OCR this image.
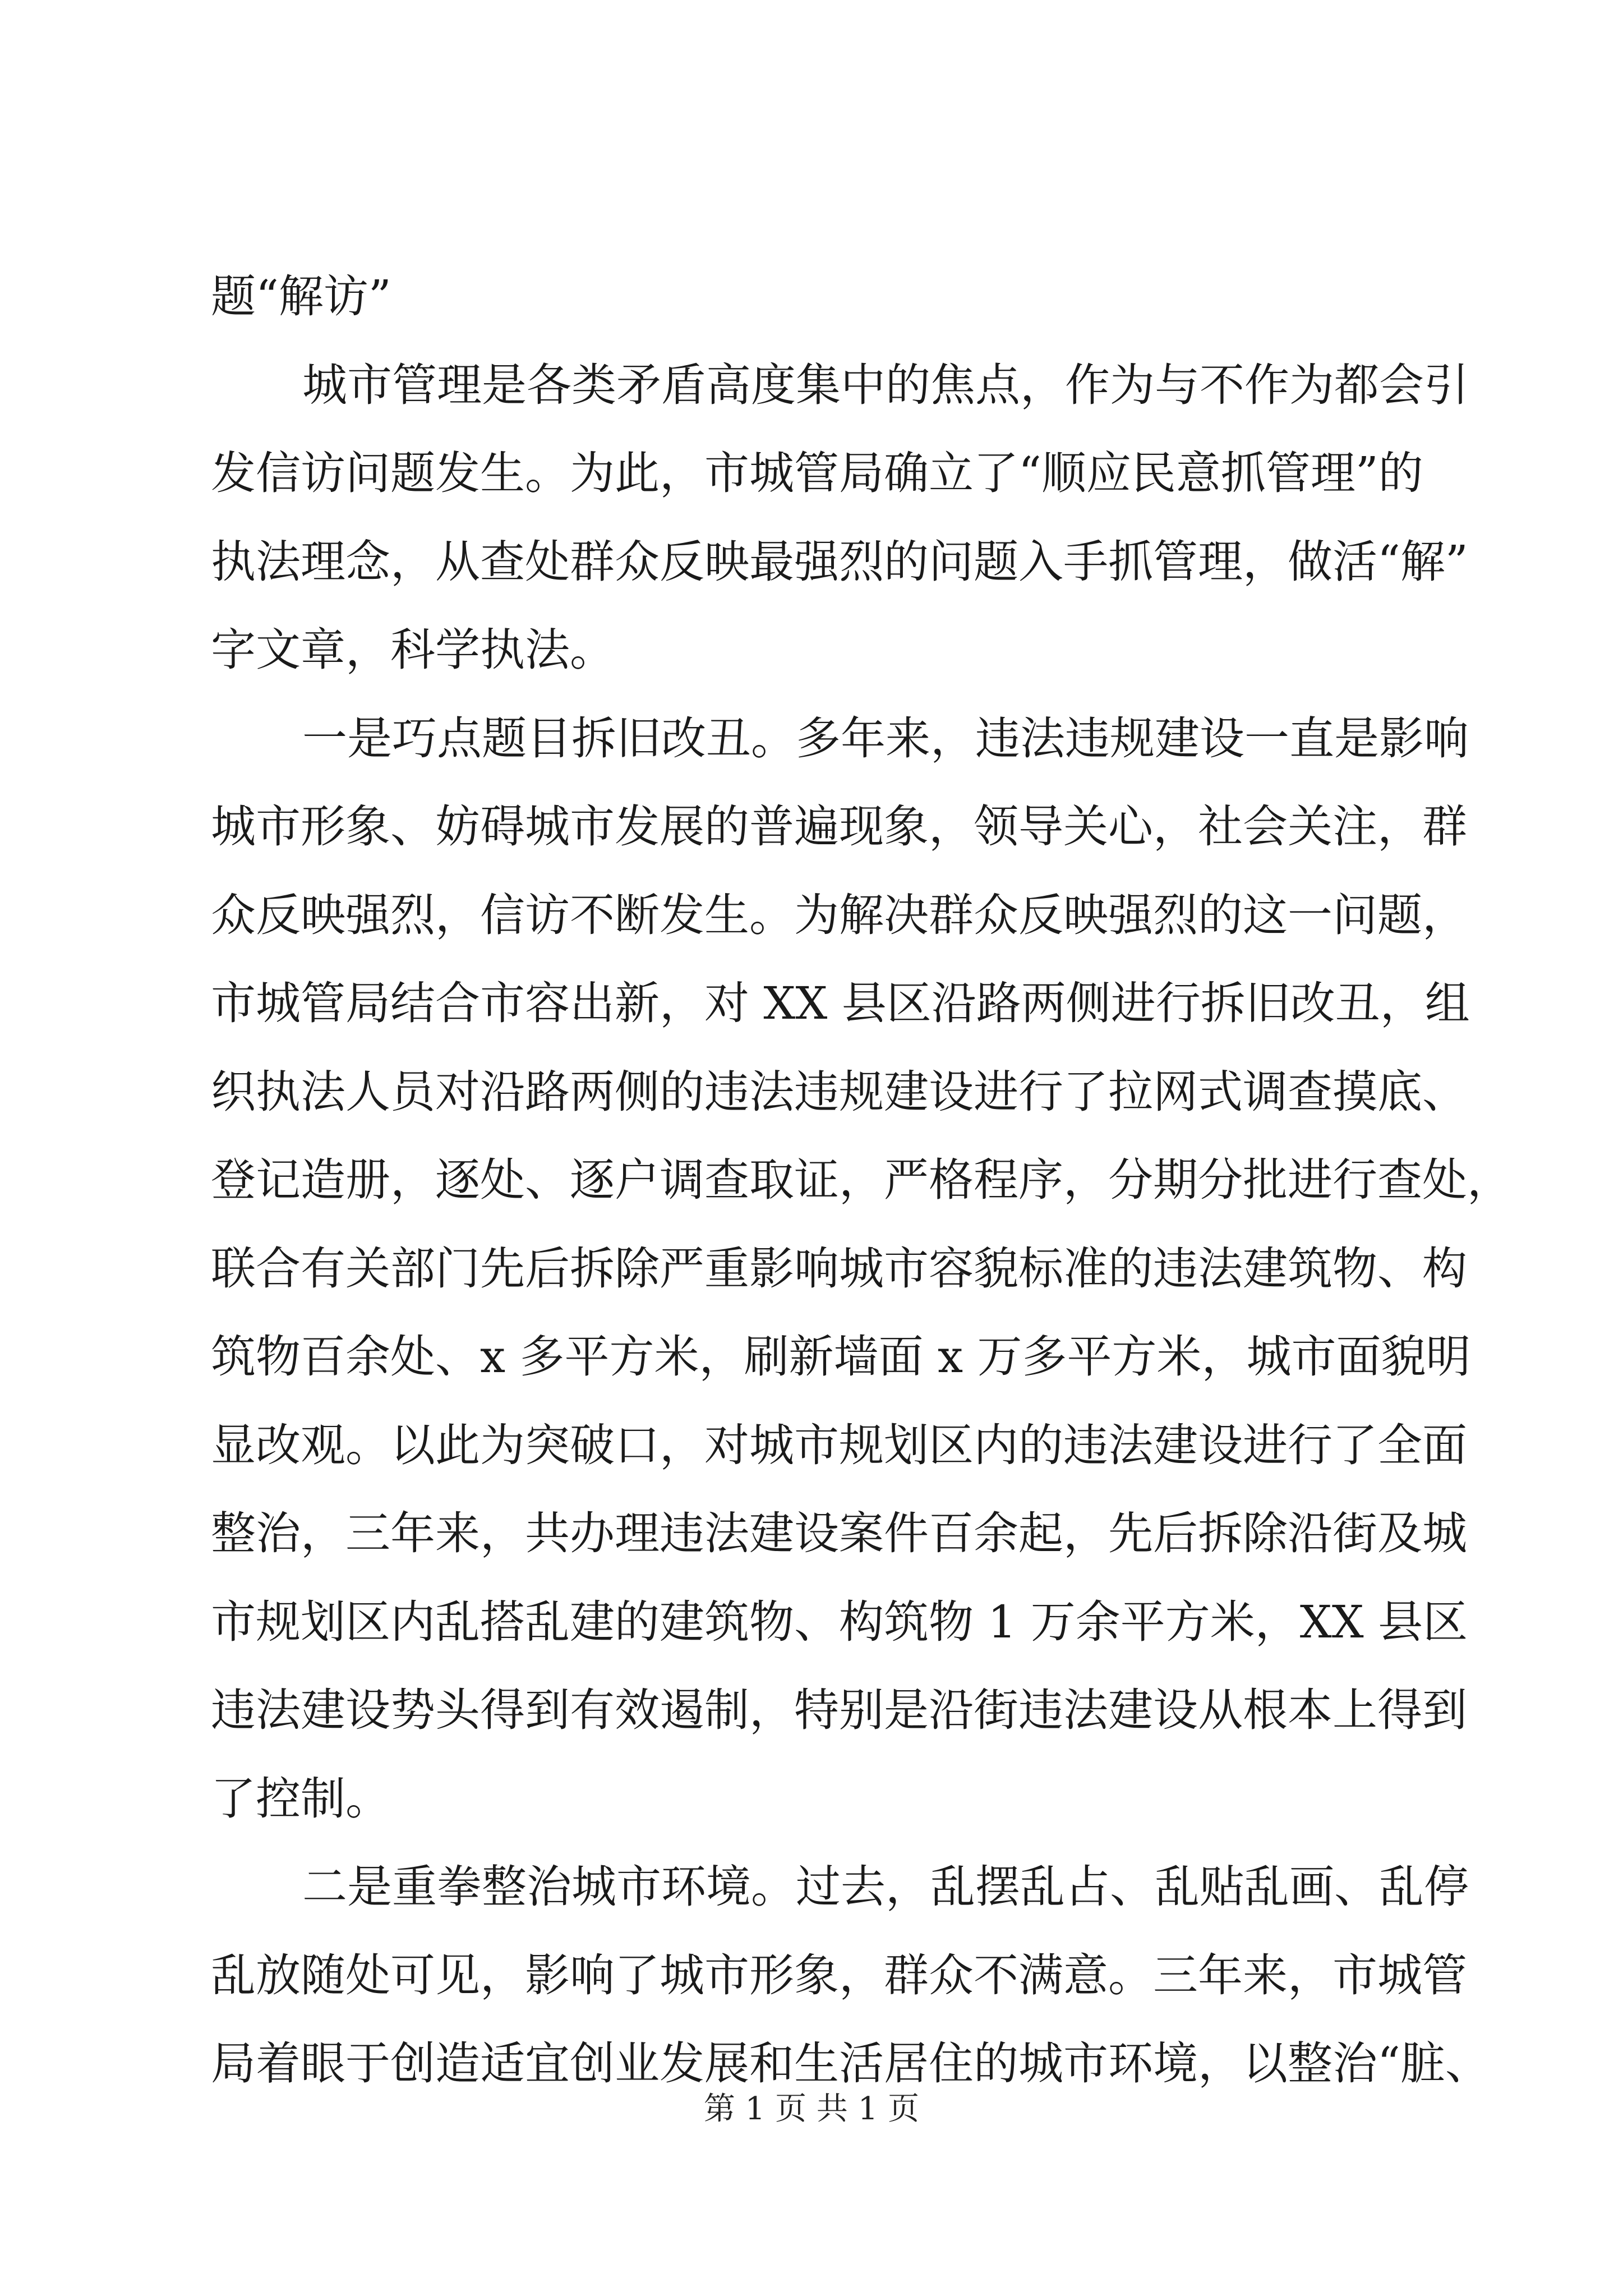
题“解访”
城市管理是各类矛盾高度集中的焦点，作为与不作为都会引
发信访问题发生。为此，市城管局确立了“顺应民意抓管理”的
执法理念，从查处群众反映最强烈的问题入手抓管理，做活“解”
字文章，科学执法。
一是巧点题目拆旧改丑。多年来，违法违规建设一直是影响
城市形象、妨碍城市发展的普遍现象，领导关心，社会关注，群
众反映强烈，信访不断发生。为解决群众反映强烈的这一问题，
市城管局结合市容出新，对 XX 县区沿路两侧进行拆旧改丑，组
织执法人员对沿路两侧的违法违规建设进行了拉网式调查摸底、
登记造册，逐处、逐户调查取证，严格程序，分期分批进行查处，
联合有关部门先后拆除严重影响城市容貌标准的违法建筑物、构
筑物百余处、x 多平方米，刷新墙面 x 万多平方米，城市面貌明
显改观。以此为突破口，对城市规划区内的违法建设进行了全面
整治，三年来，共办理违法建设案件百余起，先后拆除沿街及城
市规划区内乱搭乱建的建筑物、构筑物 1 万余平方米，XX 县区
违法建设势头得到有效遏制，特别是沿街违法建设从根本上得到
了控制。
二是重拳整治城市环境。过去，乱摆乱占、乱贴乱画、乱停
乱放随处可见，影响了城市形象，群众不满意。三年来，市城管
局着眼于创造适宜创业发展和生活居住的城市环境，以整治“脏、
第 1 页 共 1 页
